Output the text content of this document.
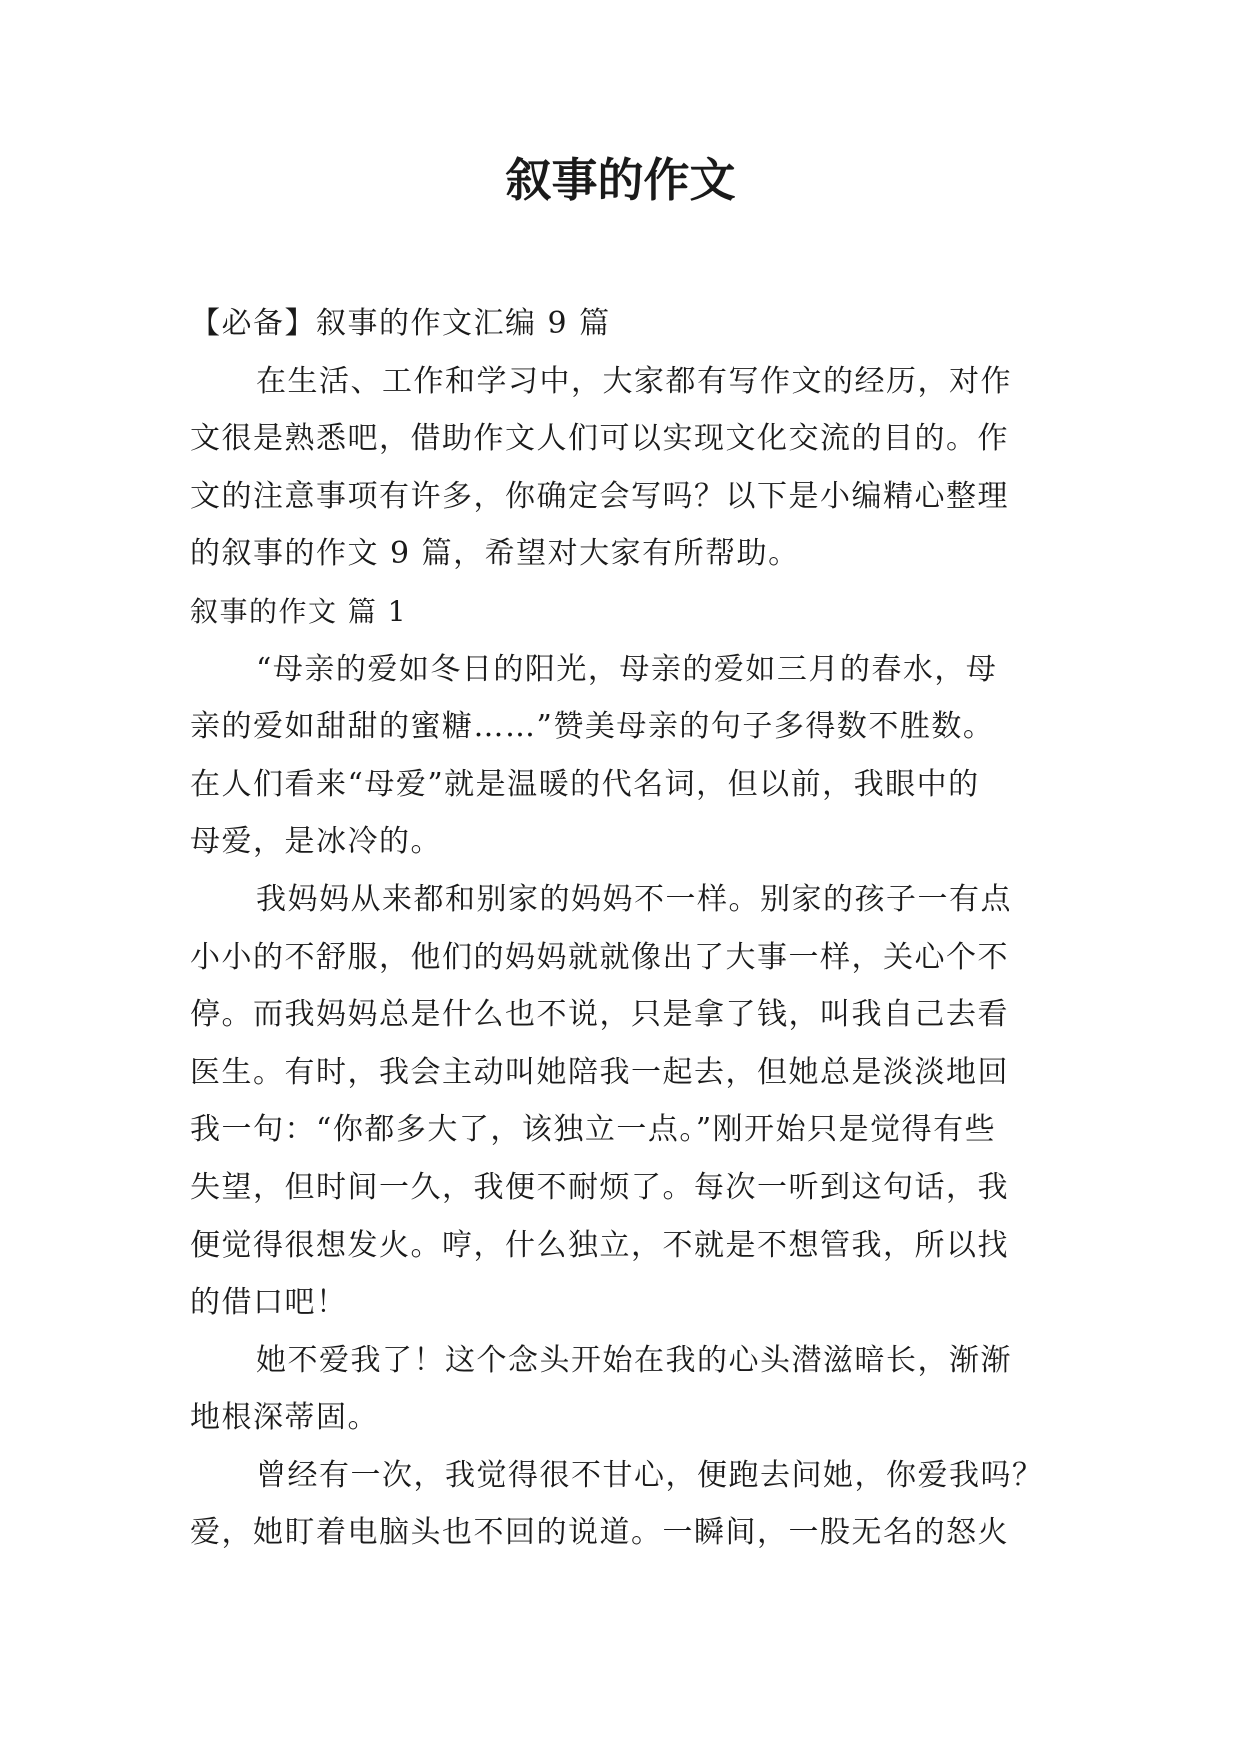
叙事的作文

【必备】叙事的作文汇编 9 篇

在生活、工作和学习中，大家都有写作文的经历，对作

文很是熟悉吧，借助作文人们可以实现文化交流的目的。作

文的注意事项有许多，你确定会写吗？以下是小编精心整理

的叙事的作文 9 篇，希望对大家有所帮助。

叙事的作文 篇 1

“母亲的爱如冬日的阳光，母亲的爱如三月的春水，母

亲的爱如甜甜的蜜糖……”赞美母亲的句子多得数不胜数。

在人们看来“母爱”就是温暖的代名词，但以前，我眼中的

母爱，是冰冷的。

我妈妈从来都和别家的妈妈不一样。别家的孩子一有点

小小的不舒服，他们的妈妈就就像出了大事一样，关心个不

停。而我妈妈总是什么也不说，只是拿了钱，叫我自己去看

医生。有时，我会主动叫她陪我一起去，但她总是淡淡地回

我一句：“你都多大了，该独立一点。”刚开始只是觉得有些

失望，但时间一久，我便不耐烦了。每次一听到这句话，我

便觉得很想发火。哼，什么独立，不就是不想管我，所以找

的借口吧！

她不爱我了！这个念头开始在我的心头潜滋暗长，渐渐

地根深蒂固。

曾经有一次，我觉得很不甘心，便跑去问她，你爱我吗？

爱，她盯着电脑头也不回的说道。一瞬间，一股无名的怒火
